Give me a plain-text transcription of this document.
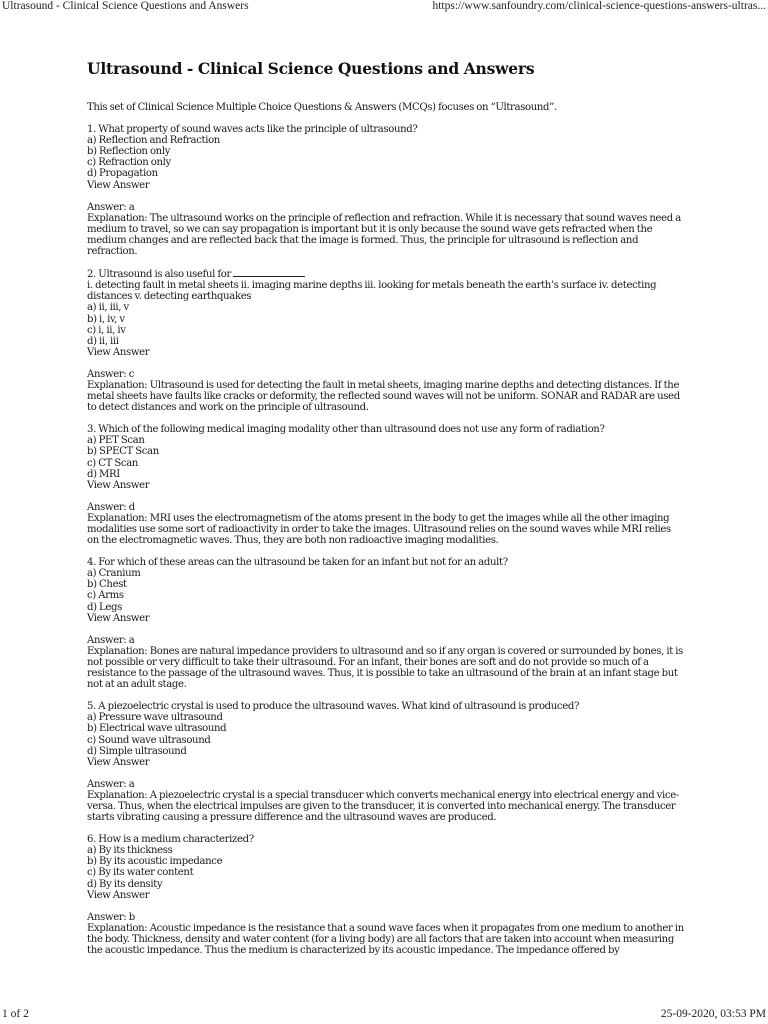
Ultrasound - Clinical Science Questions and Answers	https://www.sanfoundry.com/clinical-science-questions-answers-ultras...
Ultrasound - Clinical Science Questions and Answers

This set of Clinical Science Multiple Choice Questions & Answers (MCQs) focuses on “Ultrasound”.

1. What property of sound waves acts like the principle of ultrasound?
a) Reflection and Refraction
b) Reflection only
c) Refraction only
d) Propagation
View Answer
Answer: a
Explanation: The ultrasound works on the principle of reflection and refraction. While it is necessary that sound waves need a medium to travel, so we can say propagation is important but it is only because the sound wave gets refracted when the medium changes and are reflected back that the image is formed. Thus, the principle for ultrasound is reflection and refraction.
2. Ultrasound is also useful for
i. detecting fault in metal sheets ii. imaging marine depths iii. looking for metals beneath the earth’s surface iv. detecting distances v. detecting earthquakes
a) ii, iii, v
b) i, iv, v
c) i, ii, iv
d) ii, iii
View Answer
Answer: c
Explanation: Ultrasound is used for detecting the fault in metal sheets, imaging marine depths and detecting distances. If the metal sheets have faults like cracks or deformity, the reflected sound waves will not be uniform. SONAR and RADAR are used to detect distances and work on the principle of ultrasound.
3. Which of the following medical imaging modality other than ultrasound does not use any form of radiation?
a) PET Scan
b) SPECT Scan
c) CT Scan
d) MRI
View Answer
Answer: d
Explanation: MRI uses the electromagnetism of the atoms present in the body to get the images while all the other imaging modalities use some sort of radioactivity in order to take the images. Ultrasound relies on the sound waves while MRI relies on the electromagnetic waves. Thus, they are both non radioactive imaging modalities.
4. For which of these areas can the ultrasound be taken for an infant but not for an adult?
a) Cranium
b) Chest
c) Arms
d) Legs
View Answer
Answer: a
Explanation: Bones are natural impedance providers to ultrasound and so if any organ is covered or surrounded by bones, it is not possible or very difficult to take their ultrasound. For an infant, their bones are soft and do not provide so much of a resistance to the passage of the ultrasound waves. Thus, it is possible to take an ultrasound of the brain at an infant stage but not at an adult stage.
5. A piezoelectric crystal is used to produce the ultrasound waves. What kind of ultrasound is produced?
a) Pressure wave ultrasound
b) Electrical wave ultrasound
c) Sound wave ultrasound
d) Simple ultrasound
View Answer
Answer: a
Explanation: A piezoelectric crystal is a special transducer which converts mechanical energy into electrical energy and vice-versa. Thus, when the electrical impulses are given to the transducer, it is converted into mechanical energy. The transducer starts vibrating causing a pressure difference and the ultrasound waves are produced.
6. How is a medium characterized?
a) By its thickness
b) By its acoustic impedance
c) By its water content
d) By its density
View Answer
Answer: b
Explanation: Acoustic impedance is the resistance that a sound wave faces when it propagates from one medium to another in the body. Thickness, density and water content (for a living body) are all factors that are taken into account when measuring the acoustic impedance. Thus the medium is characterized by its acoustic impedance. The impedance offered by
1 of 2	25-09-2020, 03:53 PM
